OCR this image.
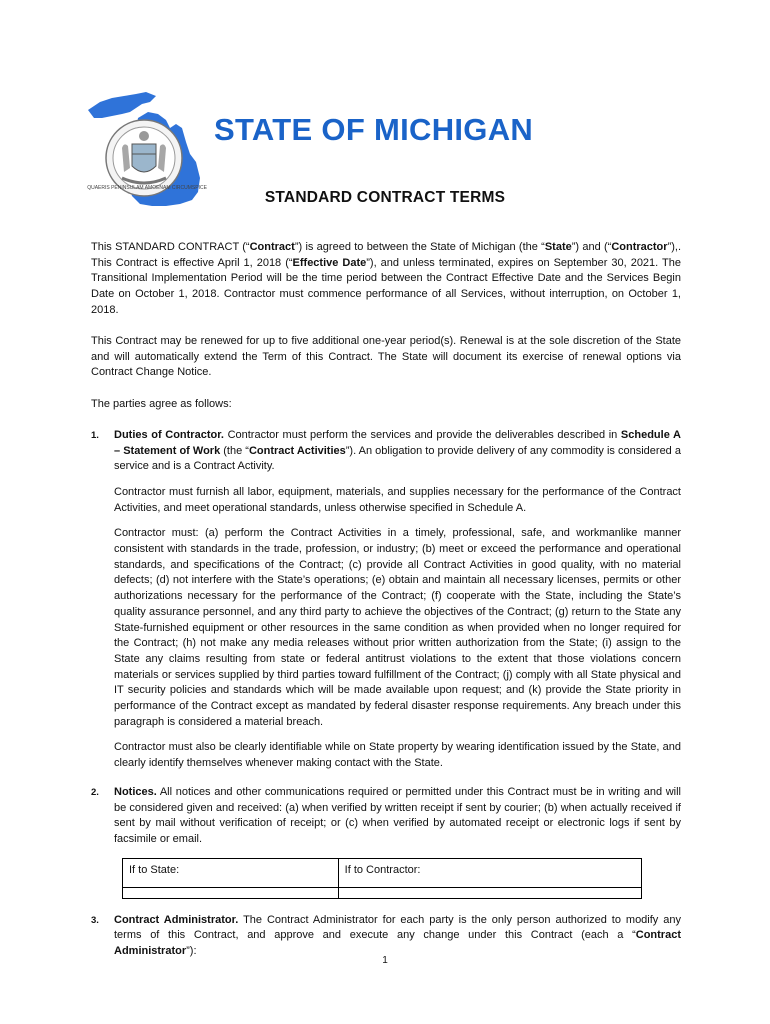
SI QUAERIS PENINSULAM AMOENAM CIRCUMSPICE
STATE OF MICHIGAN
STANDARD CONTRACT TERMS

This STANDARD CONTRACT (“Contract”) is agreed to between the State of Michigan (the “State”) and (“Contractor”),. This Contract is effective April 1, 2018 (“Effective Date”), and unless terminated, expires on September 30, 2021. The Transitional Implementation Period will be the time period between the Contract Effective Date and the Services Begin Date on October 1, 2018. Contractor must commence performance of all Services, without interruption, on October 1, 2018.

This Contract may be renewed for up to five additional one-year period(s). Renewal is at the sole discretion of the State and will automatically extend the Term of this Contract. The State will document its exercise of renewal options via Contract Change Notice.

The parties agree as follows:

1. Duties of Contractor. Contractor must perform the services and provide the deliverables described in Schedule A – Statement of Work (the “Contract Activities”). An obligation to provide delivery of any commodity is considered a service and is a Contract Activity.

Contractor must furnish all labor, equipment, materials, and supplies necessary for the performance of the Contract Activities, and meet operational standards, unless otherwise specified in Schedule A.

Contractor must: (a) perform the Contract Activities in a timely, professional, safe, and workmanlike manner consistent with standards in the trade, profession, or industry; (b) meet or exceed the performance and operational standards, and specifications of the Contract; (c) provide all Contract Activities in good quality, with no material defects; (d) not interfere with the State’s operations; (e) obtain and maintain all necessary licenses, permits or other authorizations necessary for the performance of the Contract; (f) cooperate with the State, including the State’s quality assurance personnel, and any third party to achieve the objectives of the Contract; (g) return to the State any State-furnished equipment or other resources in the same condition as when provided when no longer required for the Contract; (h) not make any media releases without prior written authorization from the State; (i) assign to the State any claims resulting from state or federal antitrust violations to the extent that those violations concern materials or services supplied by third parties toward fulfillment of the Contract; (j) comply with all State physical and IT security policies and standards which will be made available upon request; and (k) provide the State priority in performance of the Contract except as mandated by federal disaster response requirements. Any breach under this paragraph is considered a material breach.

Contractor must also be clearly identifiable while on State property by wearing identification issued by the State, and clearly identify themselves whenever making contact with the State.

2. Notices. All notices and other communications required or permitted under this Contract must be in writing and will be considered given and received: (a) when verified by written receipt if sent by courier; (b) when actually received if sent by mail without verification of receipt; or (c) when verified by automated receipt or electronic logs if sent by facsimile or email.

If to State:	If to Contractor:

3. Contract Administrator. The Contract Administrator for each party is the only person authorized to modify any terms of this Contract, and approve and execute any change under this Contract (each a “Contract Administrator”):

1
